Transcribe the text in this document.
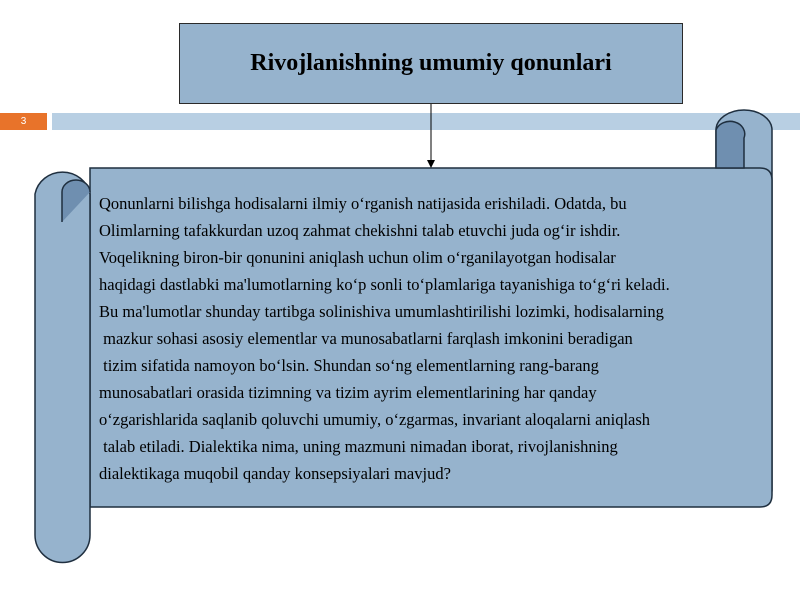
3
Rivojlanishning umumiy qonunlari
Qonunlarni bilishga hodisalarni ilmiy o‘rganish natijasida erishiladi. Odatda, bu
Olimlarning tafakkurdan uzoq zahmat chekishni talab etuvchi juda og‘ir ishdir.
Voqelikning biron-bir qonunini aniqlash uchun olim o‘rganilayotgan hodisalar
haqidagi dastlabki ma'lumotlarning ko‘p sonli to‘plamlariga tayanishiga to‘g‘ri keladi.
Bu ma'lumotlar shunday tartibga solinishiva umumlashtirilishi lozimki, hodisalarning
mazkur sohasi asosiy elementlar va munosabatlarni farqlash imkonini beradigan
tizim sifatida namoyon bo‘lsin. Shundan so‘ng elementlarning rang-barang
munosabatlari orasida tizimning va tizim ayrim elementlarining har qanday
o‘zgarishlarida saqlanib qoluvchi umumiy, o‘zgarmas, invariant aloqalarni aniqlash
talab etiladi. Dialektika nima, uning mazmuni nimadan iborat, rivojlanishning
dialektikaga muqobil qanday konsepsiyalari mavjud?
